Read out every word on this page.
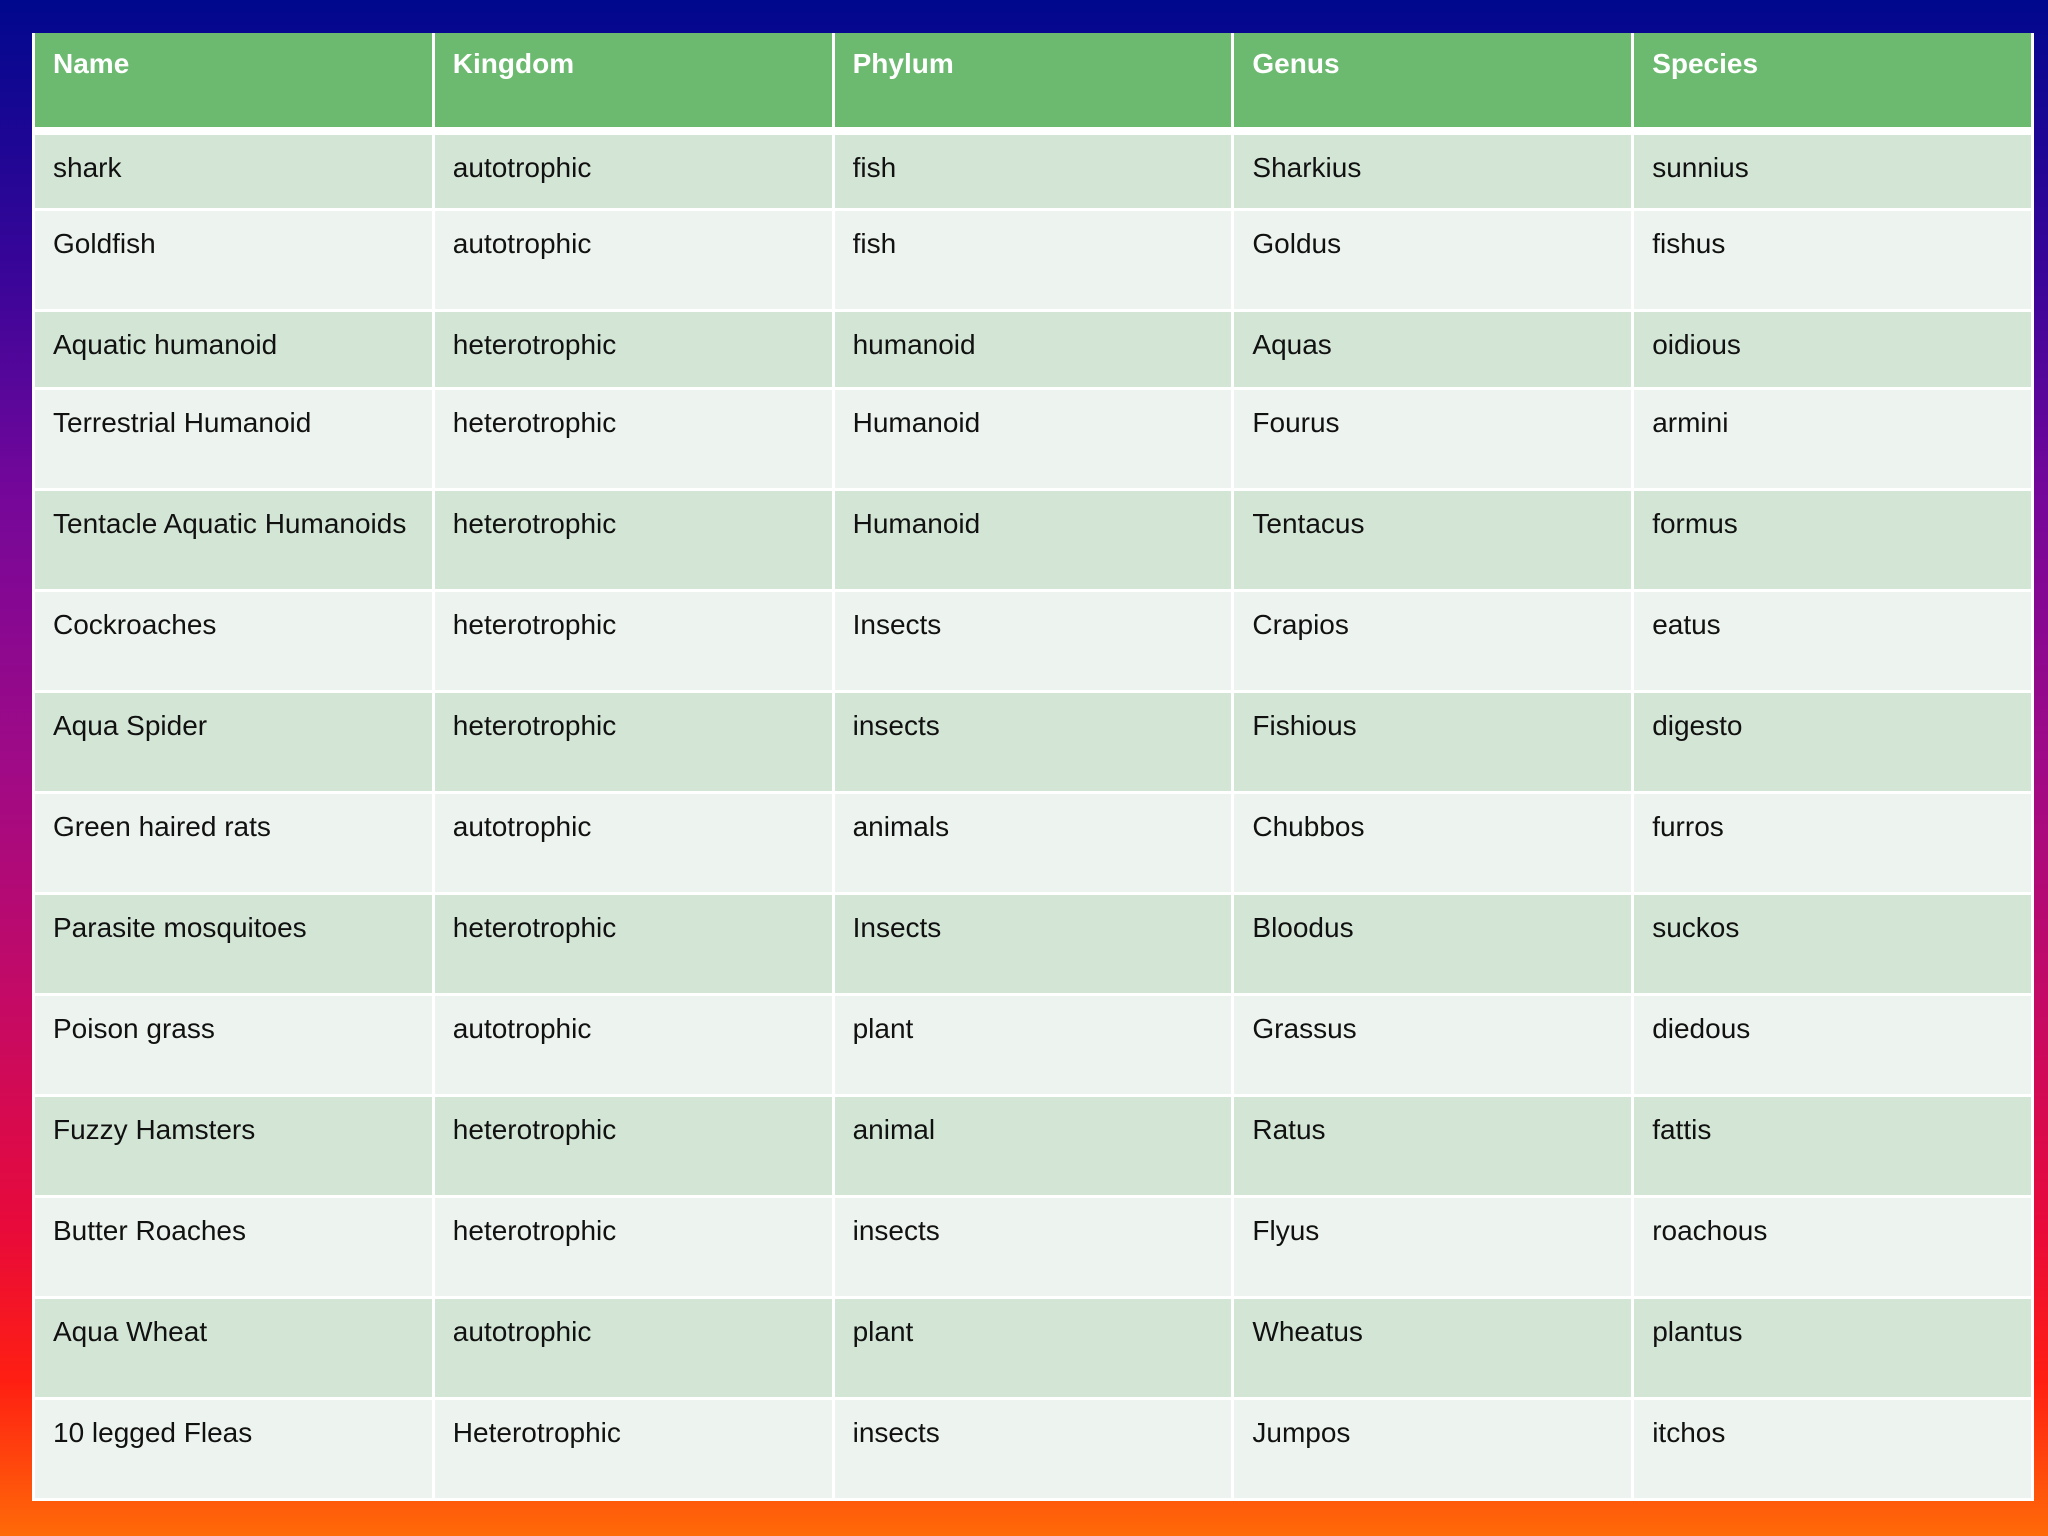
Name	Kingdom	Phylum	Genus	Species
shark	autotrophic	fish	Sharkius	sunnius
Goldfish	autotrophic	fish	Goldus	fishus
Aquatic humanoid	heterotrophic	humanoid	Aquas	oidious
Terrestrial Humanoid	heterotrophic	Humanoid	Fourus	armini
Tentacle Aquatic Humanoids	heterotrophic	Humanoid	Tentacus	formus
Cockroaches	heterotrophic	Insects	Crapios	eatus
Aqua Spider	heterotrophic	insects	Fishious	digesto
Green haired rats	autotrophic	animals	Chubbos	furros
Parasite mosquitoes	heterotrophic	Insects	Bloodus	suckos
Poison grass	autotrophic	plant	Grassus	diedous
Fuzzy Hamsters	heterotrophic	animal	Ratus	fattis
Butter Roaches	heterotrophic	insects	Flyus	roachous
Aqua Wheat	autotrophic	plant	Wheatus	plantus
10 legged Fleas	Heterotrophic	insects	Jumpos	itchos
